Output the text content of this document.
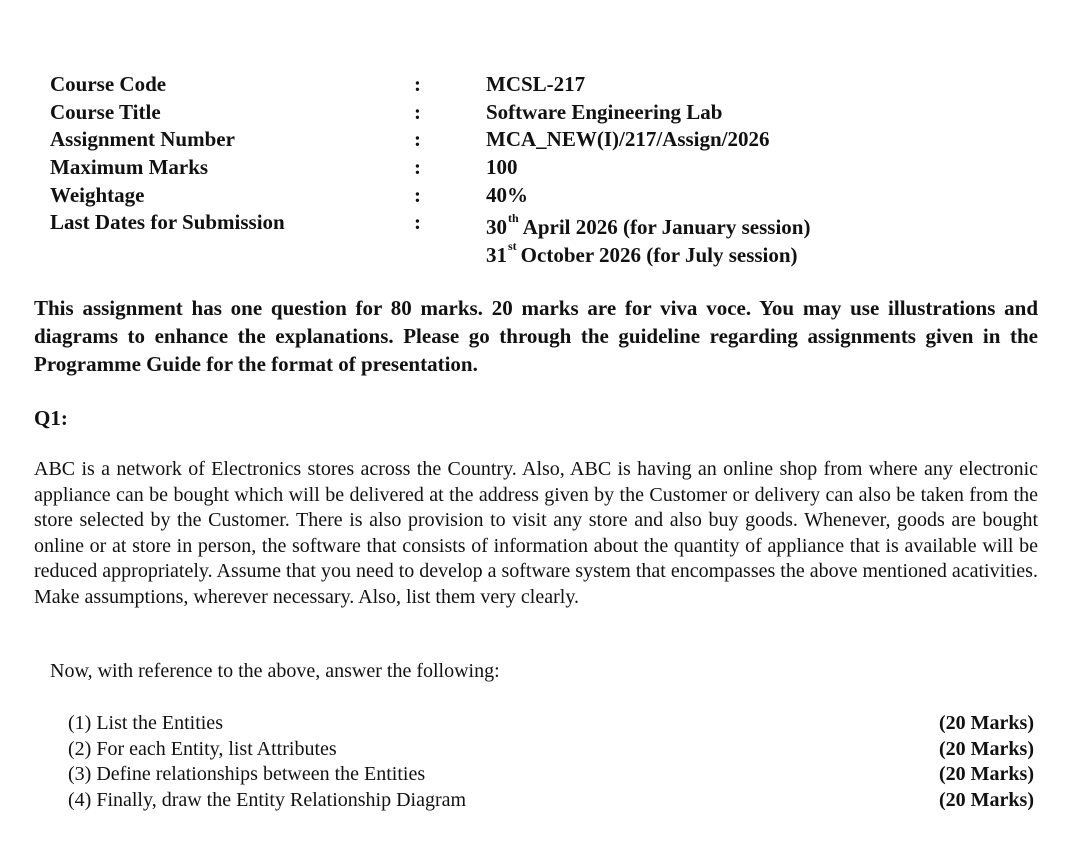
Course Code	:	MCSL-217
Course Title	:	Software Engineering Lab
Assignment Number	:	MCA_NEW(I)/217/Assign/2026
Maximum Marks	:	100
Weightage	:	40%
Last Dates for Submission	:	30th April 2026 (for January session)
31st October 2026 (for July session)
This assignment has one question for 80 marks. 20 marks are for viva voce. You may use illustrations and diagrams to enhance the explanations. Please go through the guideline regarding assignments given in the Programme Guide for the format of presentation.
Q1:

ABC is a network of Electronics stores across the Country. Also, ABC is having an online shop from where any electronic appliance can be bought which will be delivered at the address given by the Customer or delivery can also be taken from the store selected by the Customer. There is also provision to visit any store and also buy goods. Whenever, goods are bought online or at store in person, the software that consists of information about the quantity of appliance that is available will be reduced appropriately. Assume that you need to develop a software system that encompasses the above mentioned acativities.

Make assumptions, wherever necessary. Also, list them very clearly.

Now, with reference to the above, answer the following:
(1) List the Entities	(20 Marks)
(2) For each Entity, list Attributes	(20 Marks)
(3) Define relationships between the Entities	(20 Marks)
(4) Finally, draw the Entity Relationship Diagram	(20 Marks)
